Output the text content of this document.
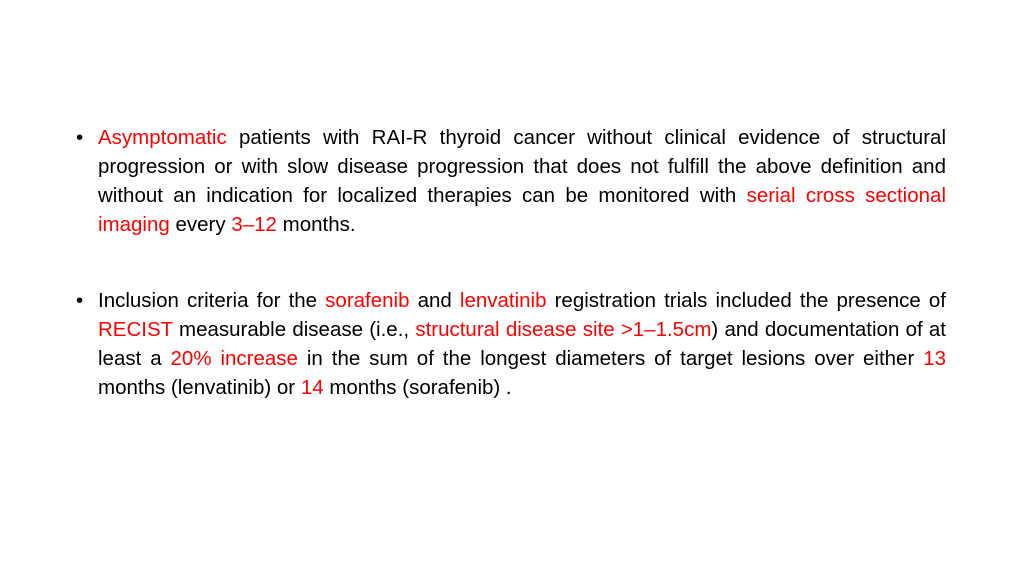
• Asymptomatic patients with RAI-R thyroid cancer without clinical evidence of structural progression or with slow disease progression that does not fulfill the above definition and without an indication for localized therapies can be monitored with serial cross sectional imaging every 3–12 months.
• Inclusion criteria for the sorafenib and lenvatinib registration trials included the presence of RECIST measurable disease (i.e., structural disease site >1–1.5cm) and documentation of at least a 20% increase in the sum of the longest diameters of target lesions over either 13 months (lenvatinib) or 14 months (sorafenib) .
